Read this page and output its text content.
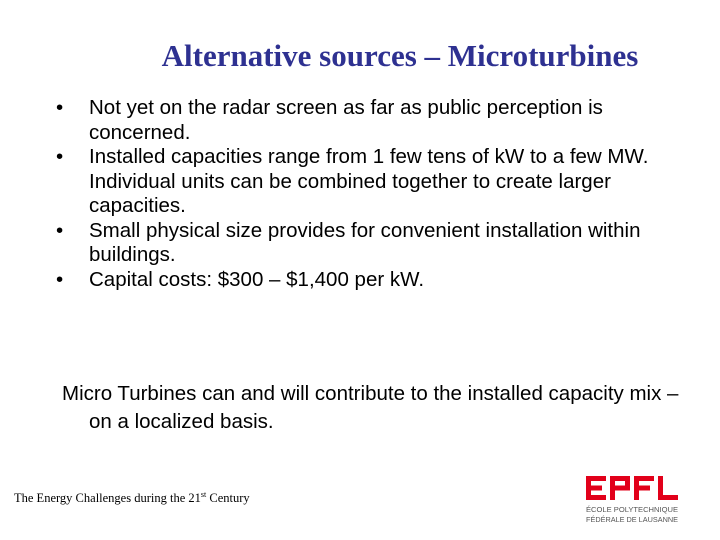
Alternative sources – Microturbines
•	Not yet on the radar screen as far as public perception is concerned.
•	Installed capacities range from 1 few tens of kW to a few MW. Individual units can be combined together to create larger capacities.
•	Small physical size provides for convenient installation within buildings.
•	Capital costs: $300 – $1,400 per kW.

Micro Turbines can and will contribute to the installed capacity mix – on a localized basis.

The Energy Challenges during the 21st Century
ÉCOLE POLYTECHNIQUE
FÉDÉRALE DE LAUSANNE
